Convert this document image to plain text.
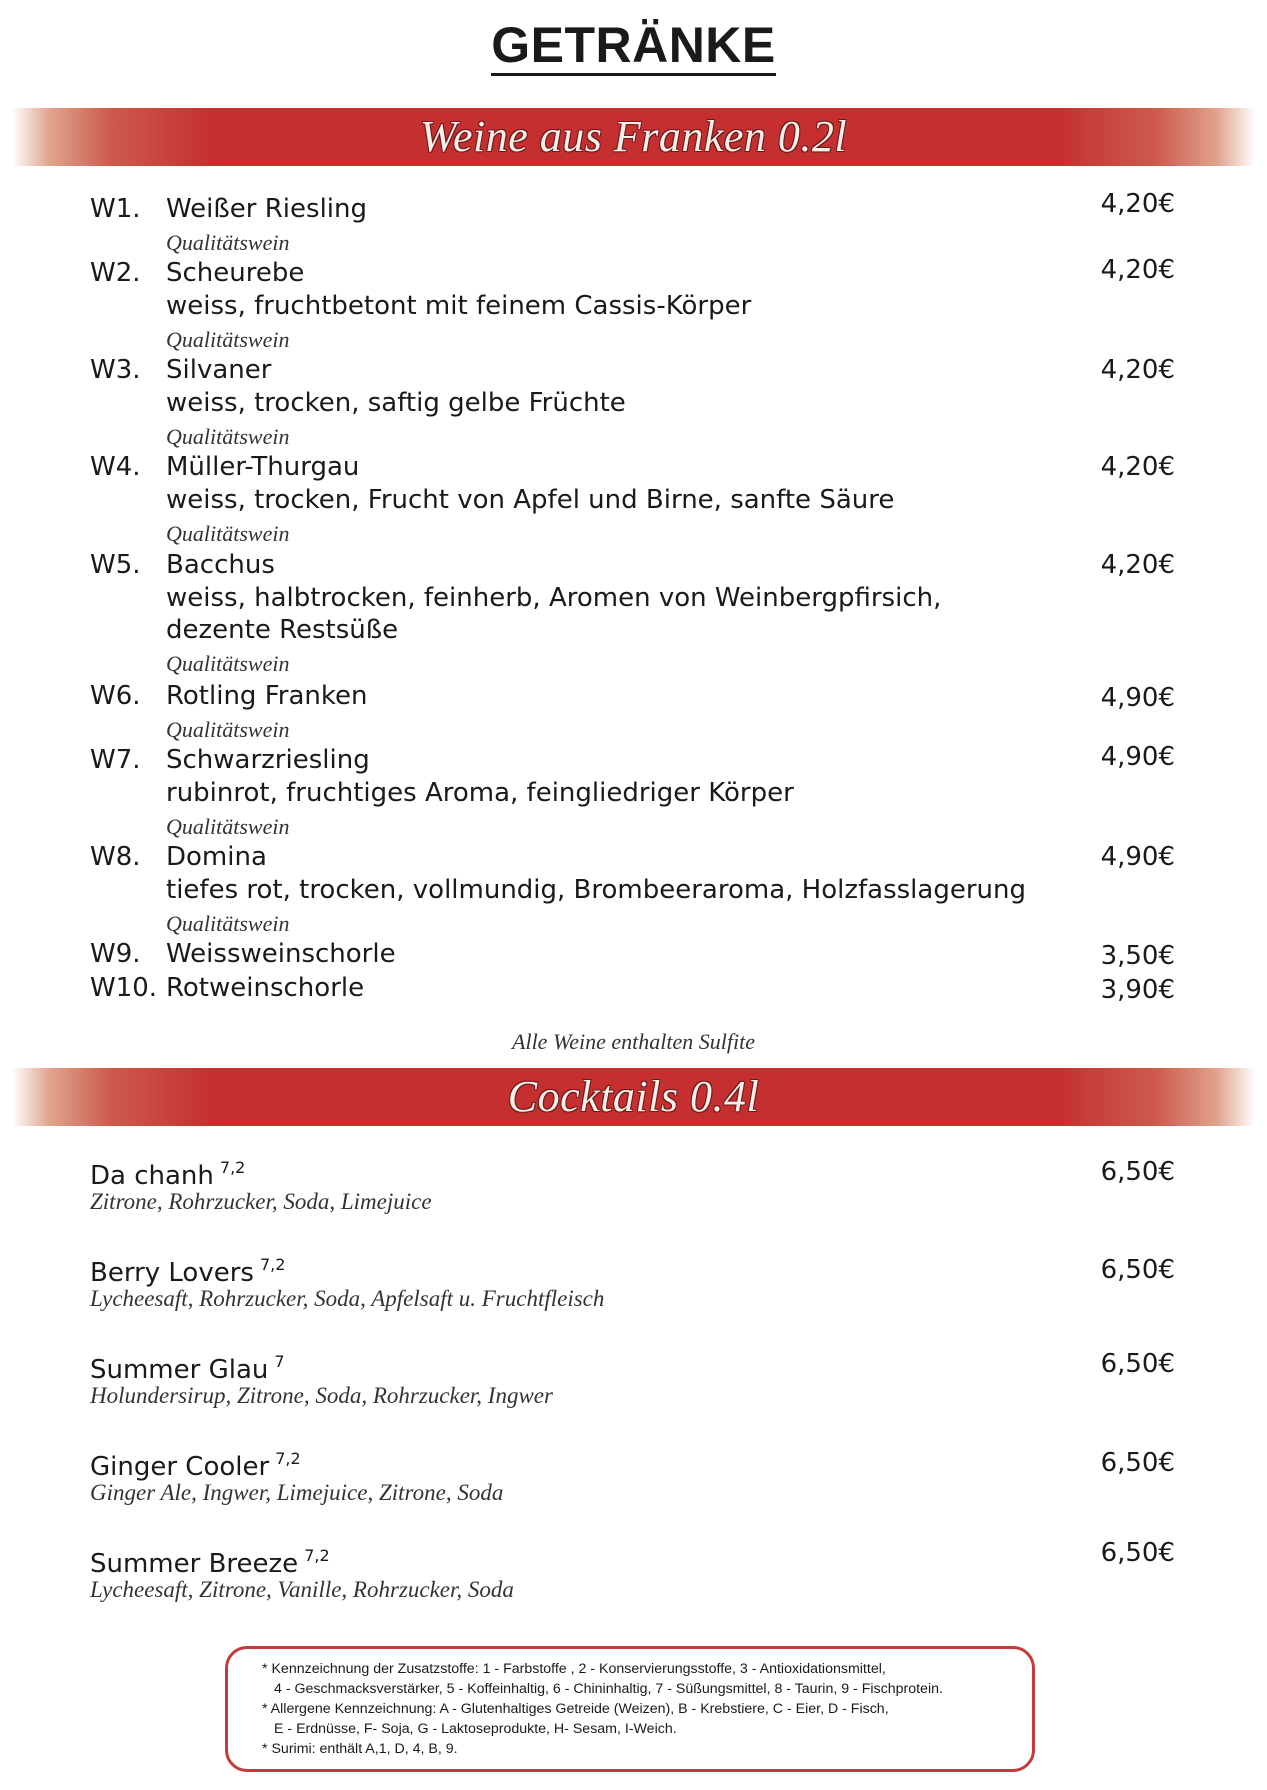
GETRÄNKE
Weine aus Franken 0.2l
W1. Weißer Riesling	4,20€
Qualitätswein
W2. Scheurebe	4,20€
weiss, fruchtbetont mit feinem Cassis-Körper
Qualitätswein
W3. Silvaner	4,20€
weiss, trocken, saftig gelbe Früchte
Qualitätswein
W4. Müller-Thurgau	4,20€
weiss, trocken, Frucht von Apfel und Birne, sanfte Säure
Qualitätswein
W5. Bacchus	4,20€
weiss, halbtrocken, feinherb, Aromen von Weinbergpfirsich,
dezente Restsüße
Qualitätswein
W6. Rotling Franken	4,90€
Qualitätswein
W7. Schwarzriesling	4,90€
rubinrot, fruchtiges Aroma, feingliedriger Körper
Qualitätswein
W8. Domina	4,90€
tiefes rot, trocken, vollmundig, Brombeeraroma, Holzfasslagerung
Qualitätswein
W9. Weissweinschorle	3,50€
W10. Rotweinschorle	3,90€
Alle Weine enthalten Sulfite
Cocktails 0.4l
Da chanh $^{7,2}$	6,50€
Zitrone, Rohrzucker, Soda, Limejuice
Berry Lovers $^{7,2}$	6,50€
Lycheesaft, Rohrzucker, Soda, Apfelsaft u. Fruchtfleisch
Summer Glau $^7$	6,50€
Holundersirup, Zitrone, Soda, Rohrzucker, Ingwer
Ginger Cooler $^{7,2}$	6,50€
Ginger Ale, Ingwer, Limejuice, Zitrone, Soda
Summer Breeze $^{7,2}$	6,50€
Lycheesaft, Zitrone, Vanille, Rohrzucker, Soda
* Kennzeichnung der Zusatzstoffe: 1 - Farbstoffe , 2 - Konservierungsstoffe, 3 - Antioxidationsmittel,
4 - Geschmacksverstärker, 5 - Koffeinhaltig, 6 - Chininhaltig, 7 - Süßungsmittel, 8 - Taurin, 9 - Fischprotein.
* Allergene Kennzeichnung: A - Glutenhaltiges Getreide (Weizen), B - Krebstiere, C - Eier, D - Fisch,
E - Erdnüsse, F- Soja, G - Laktoseprodukte, H- Sesam, I-Weich.
* Surimi: enthält A,1, D, 4, B, 9.
